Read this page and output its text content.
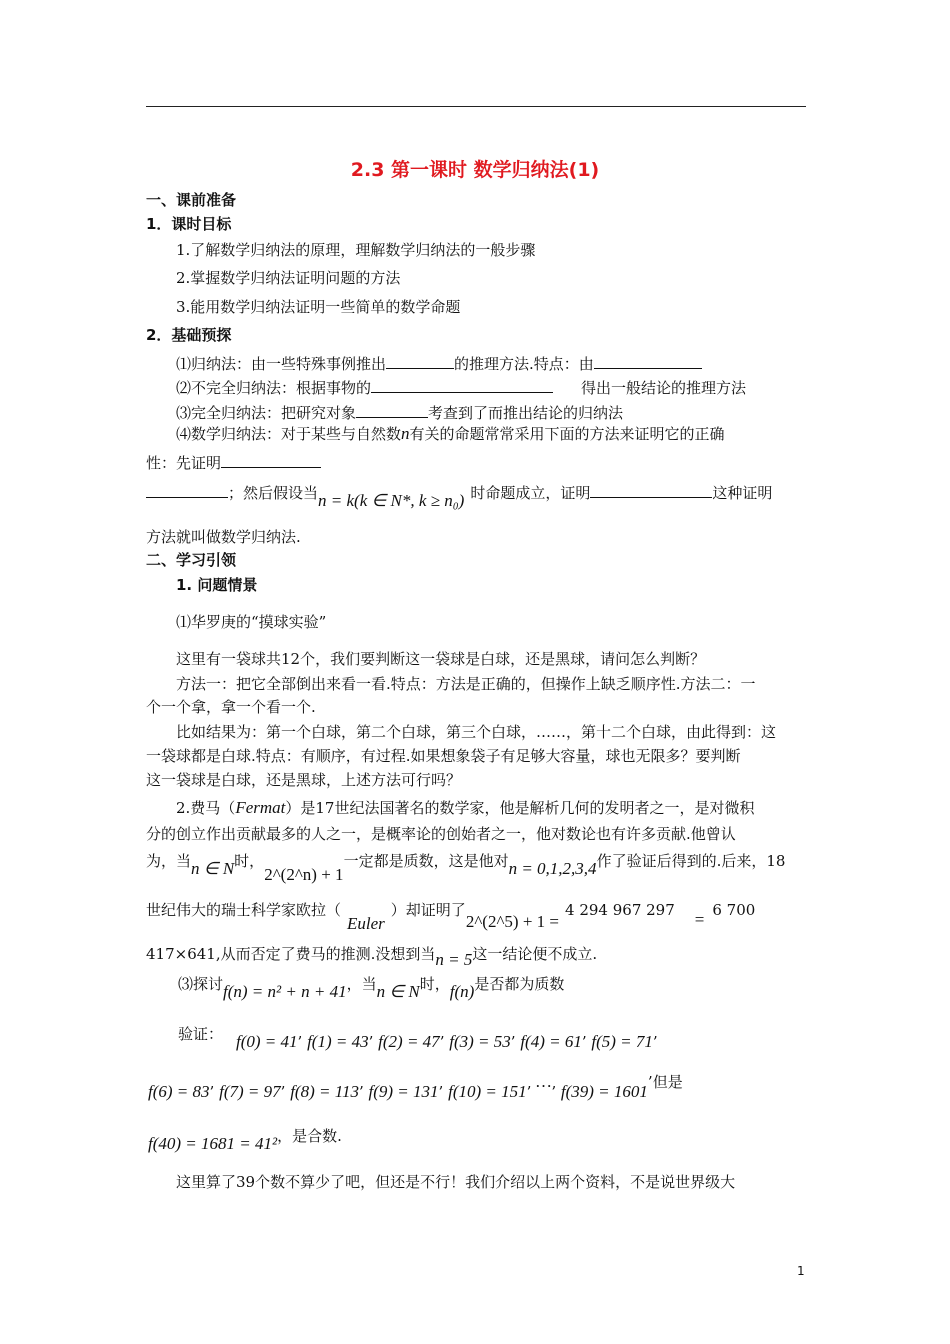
2.3 第一课时 数学归纳法(1)
一、课前准备
1．课时目标
1.了解数学归纳法的原理，理解数学归纳法的一般步骤
2.掌握数学归纳法证明问题的方法
3.能用数学归纳法证明一些简单的数学命题
2．基础预探
⑴归纳法：由一些特殊事例推出	的推理方法.特点：由
⑵不完全归纳法：根据事物的	得出一般结论的推理方法
⑶完全归纳法：把研究对象	考查到了而推出结论的归纳法
⑷数学归纳法：对于某些与自然数n有关的命题常常采用下面的方法来证明它的正确
性：先证明
；然后假设当n = k(k ∈ N*, k ≥ n₀) 时命题成立，证明	这种证明
方法就叫做数学归纳法.
二、学习引领
1. 问题情景
⑴华罗庚的“摸球实验”
这里有一袋球共12个，我们要判断这一袋球是白球，还是黑球，请问怎么判断？
方法一：把它全部倒出来看一看.特点：方法是正确的，但操作上缺乏顺序性.方法二：一
个一个拿，拿一个看一个.
比如结果为：第一个白球，第二个白球，第三个白球，……，第十二个白球，由此得到：这
一袋球都是白球.特点：有顺序，有过程.如果想象袋子有足够大容量，球也无限多？要判断
这一袋球是白球，还是黑球，上述方法可行吗？
2.费马（Fermat）是17世纪法国著名的数学家，他是解析几何的发明者之一，是对微积
分的创立作出贡献最多的人之一，是概率论的创始者之一，他对数论也有许多贡献.他曾认
为，当n ∈ N时，2^(2^n) + 1一定都是质数，这是他对n = 0,1,2,3,4作了验证后得到的.后来，18
世纪伟大的瑞士科学家欧拉（Euler）却证明了2^(2^5) + 1 =4 294 967 297 = 6 700
417×641,从而否定了费马的推测.没想到当n = 5这一结论便不成立.
⑶探讨f(n) = n² + n + 41，当n ∈ N时，f(n)是否都为质数
验证： f(0) = 41’ f(1) = 43’ f(2) = 47’ f(3) = 53’ f(4) = 61’ f(5) = 71’
f(6) = 83’ f(7) = 97’ f(8) = 113’ f(9) = 131’ f(10) = 151’ …’ f(39) = 1601’但是
f(40) = 1681 = 41²，是合数.
这里算了39个数不算少了吧，但还是不行！我们介绍以上两个资料，不是说世界级大
1
